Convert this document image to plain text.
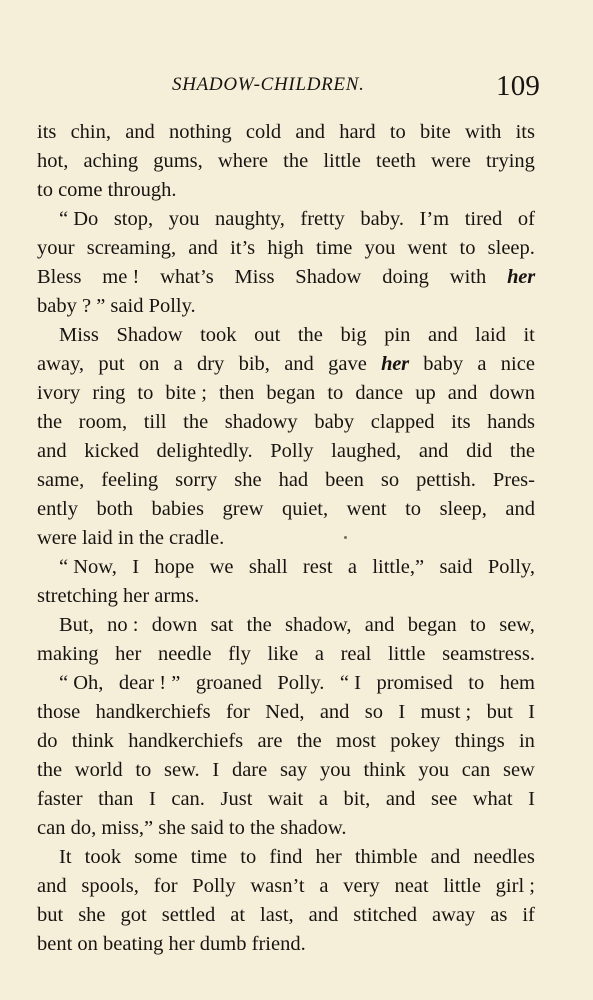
SHADOW-CHILDREN.	109
its chin, and nothing cold and hard to bite with its
hot, aching gums, where the little teeth were trying
to come through.
“ Do stop, you naughty, fretty baby. I’m tired of
your screaming, and it’s high time you went to sleep.
Bless me ! what’s Miss Shadow doing with her
baby ? ” said Polly.
Miss Shadow took out the big pin and laid it
away, put on a dry bib, and gave her baby a nice
ivory ring to bite ; then began to dance up and down
the room, till the shadowy baby clapped its hands
and kicked delightedly. Polly laughed, and did the
same, feeling sorry she had been so pettish. Pres-
ently both babies grew quiet, went to sleep, and
were laid in the cradle.
“ Now, I hope we shall rest a little,” said Polly,
stretching her arms.
But, no : down sat the shadow, and began to sew,
making her needle fly like a real little seamstress.
“ Oh, dear ! ” groaned Polly. “ I promised to hem
those handkerchiefs for Ned, and so I must ; but I
do think handkerchiefs are the most pokey things in
the world to sew. I dare say you think you can sew
faster than I can. Just wait a bit, and see what I
can do, miss,” she said to the shadow.
It took some time to find her thimble and needles
and spools, for Polly wasn’t a very neat little girl ;
but she got settled at last, and stitched away as if
bent on beating her dumb friend.
